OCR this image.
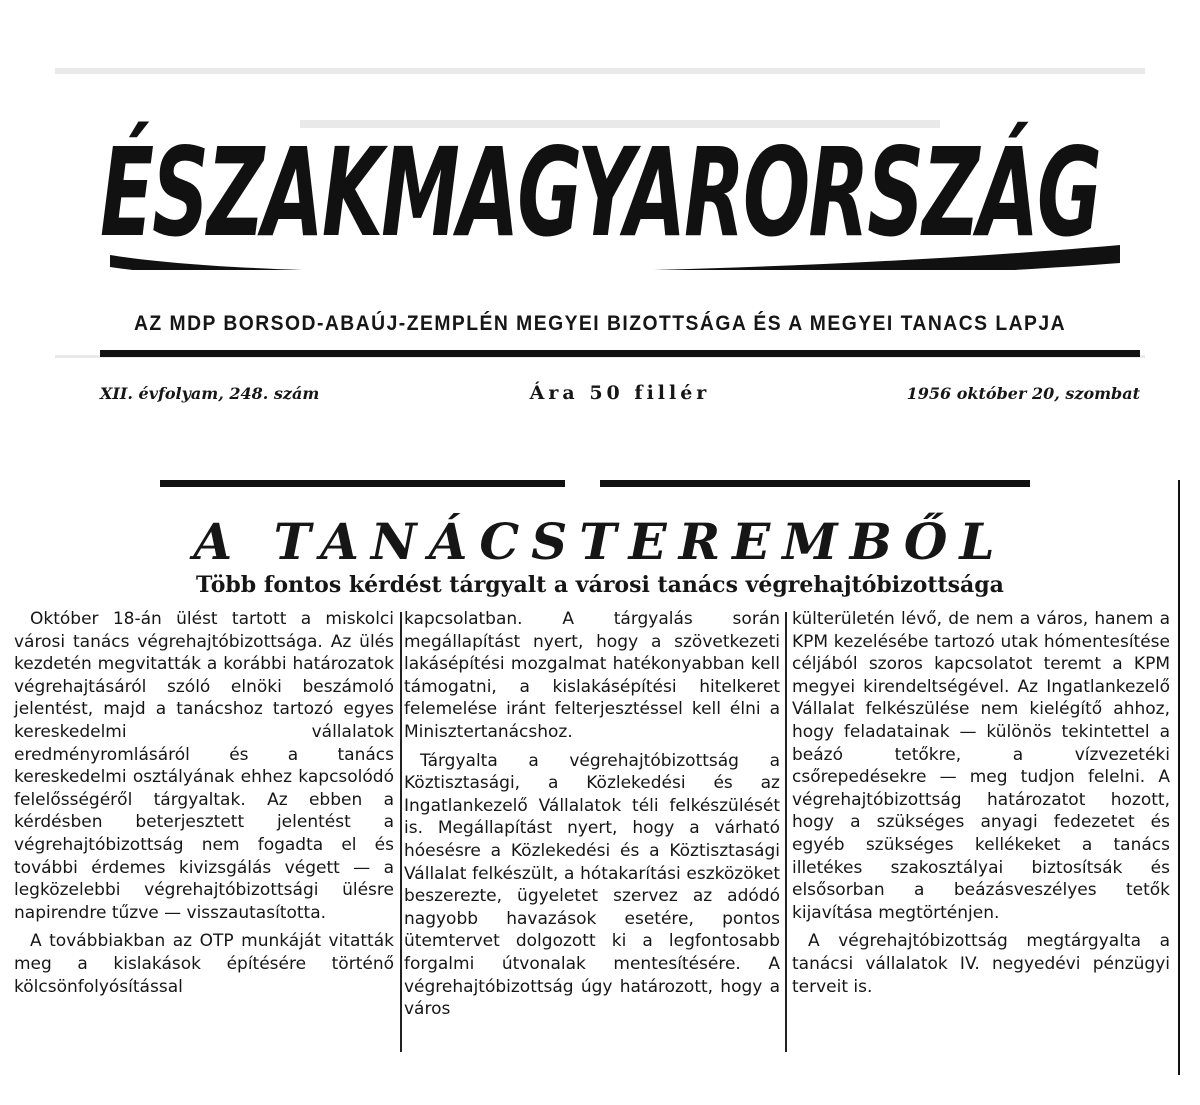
ÉSZAKMAGYARORSZÁG
AZ MDP BORSOD-ABAÚJ-ZEMPLÉN MEGYEI BIZOTTSÁGA ÉS A MEGYEI TANACS LAPJA
XII. évfolyam, 248. szám	Ára 50 fillér	1956 október 20, szombat
A TANÁCSTEREMBŐL
Több fontos kérdést tárgyalt a városi tanács végrehajtóbizottsága

Október 18-án ülést tartott a miskolci városi tanács végrehajtóbizottsága. Az ülés kezdetén megvitatták a korábbi határozatok végrehajtásáról szóló elnöki beszámoló jelentést, majd a tanácshoz tartozó egyes kereskedelmi vállalatok eredményromlásáról és a tanács kereskedelmi osztályának ehhez kapcsolódó felelősségéről tárgyaltak. Az ebben a kérdésben beterjesztett jelentést a végrehajtóbizottság nem fogadta el és további érdemes kivizsgálás végett — a legközelebbi végrehajtóbizottsági ülésre napirendre tűzve — visszautasította.

A továbbiakban az OTP munkáját vitatták meg a kislakások építésére történő kölcsönfolyósítással

kapcsolatban. A tárgyalás során megállapítást nyert, hogy a szövetkezeti lakásépítési mozgalmat hatékonyabban kell támogatni, a kislakásépítési hitelkeret felemelése iránt felterjesztéssel kell élni a Minisztertanácshoz.

Tárgyalta a végrehajtóbizottság a Köztisztasági, a Közlekedési és az Ingatlankezelő Vállalatok téli felkészülését is. Megállapítást nyert, hogy a várható hóesésre a Közlekedési és a Köztisztasági Vállalat felkészült, a hótakarítási eszközöket beszerezte, ügyeletet szervez az adódó nagyobb havazások esetére, pontos ütemtervet dolgozott ki a legfontosabb forgalmi útvonalak mentesítésére. A végrehajtóbizottság úgy határozott, hogy a város

külterületén lévő, de nem a város, hanem a KPM kezelésébe tartozó utak hómentesítése céljából szoros kapcsolatot teremt a KPM megyei kirendeltségével. Az Ingatlankezelő Vállalat felkészülése nem kielégítő ahhoz, hogy feladatainak — különös tekintettel a beázó tetőkre, a vízvezetéki csőrepedésekre — meg tudjon felelni. A végrehajtóbizottság határozatot hozott, hogy a szükséges anyagi fedezetet és egyéb szükséges kellékeket a tanács illetékes szakosztályai biztosítsák és elsősorban a beázásveszélyes tetők kijavítása megtörténjen.

A végrehajtóbizottság megtárgyalta a tanácsi vállalatok IV. negyedévi pénzügyi terveit is.
